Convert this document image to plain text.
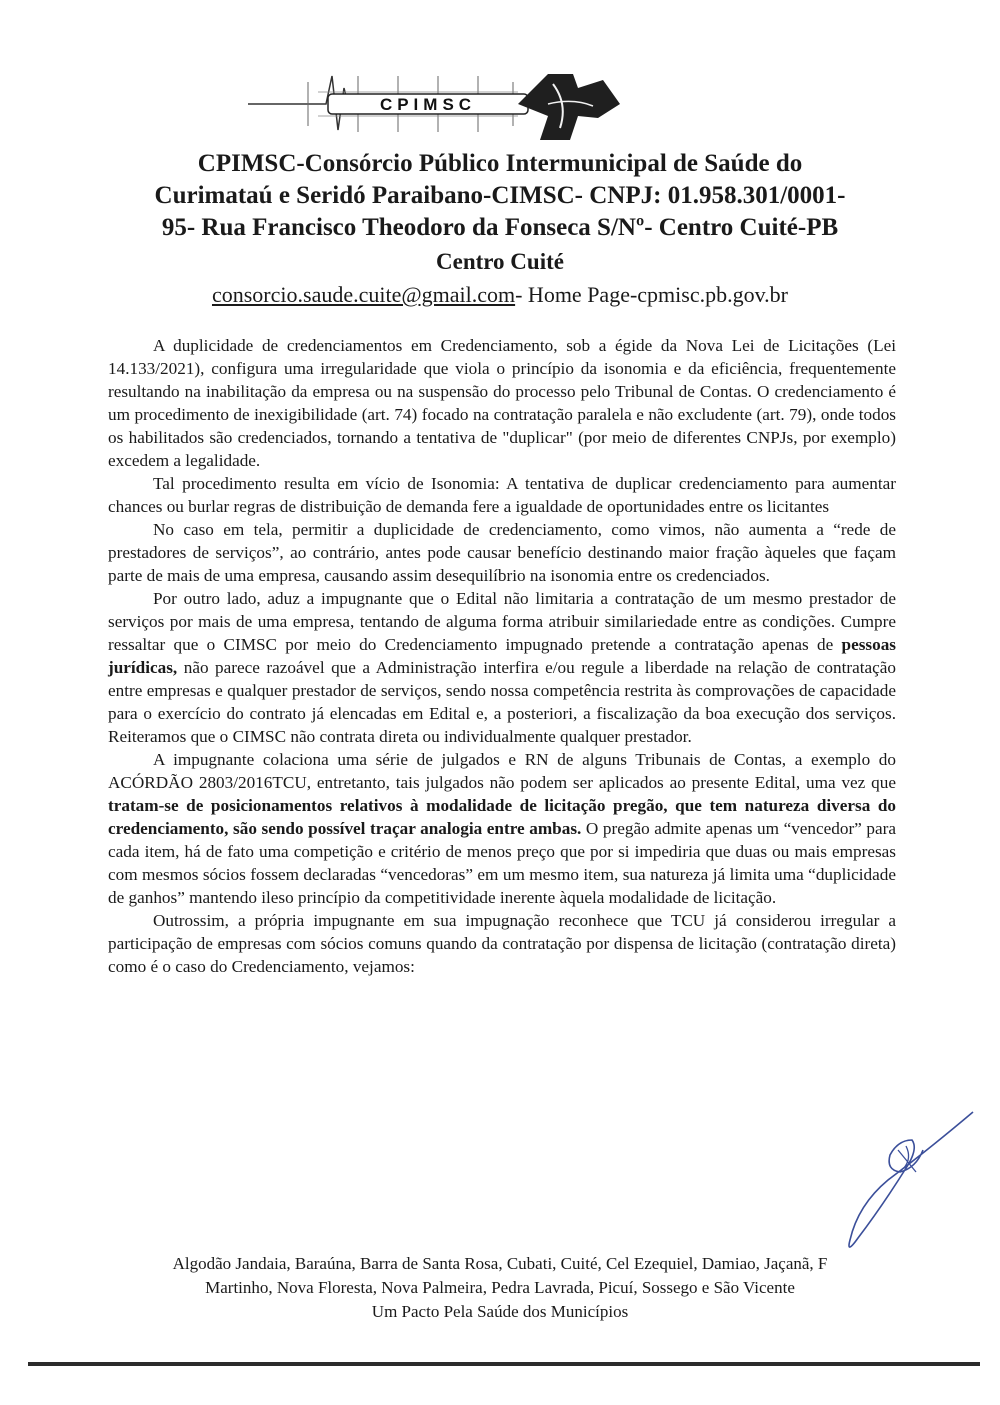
CPIMSC
CPIMSC-Consórcio Público Intermunicipal de Saúde do
Curimataú e Seridó Paraibano-CIMSC- CNPJ: 01.958.301/0001-
95- Rua Francisco Theodoro da Fonseca S/Nº- Centro Cuité-PB
Centro Cuité
consorcio.saude.cuite@gmail.com- Home Page-cpmisc.pb.gov.br

A duplicidade de credenciamentos em Credenciamento, sob a égide da Nova Lei de Licitações (Lei 14.133/2021), configura uma irregularidade que viola o princípio da isonomia e da eficiência, frequentemente resultando na inabilitação da empresa ou na suspensão do processo pelo Tribunal de Contas. O credenciamento é um procedimento de inexigibilidade (art. 74) focado na contratação paralela e não excludente (art. 79), onde todos os habilitados são credenciados, tornando a tentativa de "duplicar" (por meio de diferentes CNPJs, por exemplo) excedem a legalidade.

Tal procedimento resulta em vício de Isonomia: A tentativa de duplicar credenciamento para aumentar chances ou burlar regras de distribuição de demanda fere a igualdade de oportunidades entre os licitantes

No caso em tela, permitir a duplicidade de credenciamento, como vimos, não aumenta a “rede de prestadores de serviços”, ao contrário, antes pode causar benefício destinando maior fração àqueles que façam parte de mais de uma empresa, causando assim desequilíbrio na isonomia entre os credenciados.

Por outro lado, aduz a impugnante que o Edital não limitaria a contratação de um mesmo prestador de serviços por mais de uma empresa, tentando de alguma forma atribuir similariedade entre as condições. Cumpre ressaltar que o CIMSC por meio do Credenciamento impugnado pretende a contratação apenas de pessoas jurídicas, não parece razoável que a Administração interfira e/ou regule a liberdade na relação de contratação entre empresas e qualquer prestador de serviços, sendo nossa competência restrita às comprovações de capacidade para o exercício do contrato já elencadas em Edital e, a posteriori, a fiscalização da boa execução dos serviços. Reiteramos que o CIMSC não contrata direta ou individualmente qualquer prestador.

A impugnante colaciona uma série de julgados e RN de alguns Tribunais de Contas, a exemplo do ACÓRDÃO 2803/2016TCU, entretanto, tais julgados não podem ser aplicados ao presente Edital, uma vez que tratam-se de posicionamentos relativos à modalidade de licitação pregão, que tem natureza diversa do credenciamento, são sendo possível traçar analogia entre ambas. O pregão admite apenas um “vencedor” para cada item, há de fato uma competição e critério de menos preço que por si impediria que duas ou mais empresas com mesmos sócios fossem declaradas “vencedoras” em um mesmo item, sua natureza já limita uma “duplicidade de ganhos” mantendo ileso princípio da competitividade inerente àquela modalidade de licitação.

Outrossim, a própria impugnante em sua impugnação reconhece que TCU já considerou irregular a participação de empresas com sócios comuns quando da contratação por dispensa de licitação (contratação direta) como é o caso do Credenciamento, vejamos:

Algodão Jandaia, Baraúna, Barra de Santa Rosa, Cubati, Cuité, Cel Ezequiel, Damiao, Jaçanã, F
Martinho, Nova Floresta, Nova Palmeira, Pedra Lavrada, Picuí, Sossego e São Vicente
Um Pacto Pela Saúde dos Municípios
